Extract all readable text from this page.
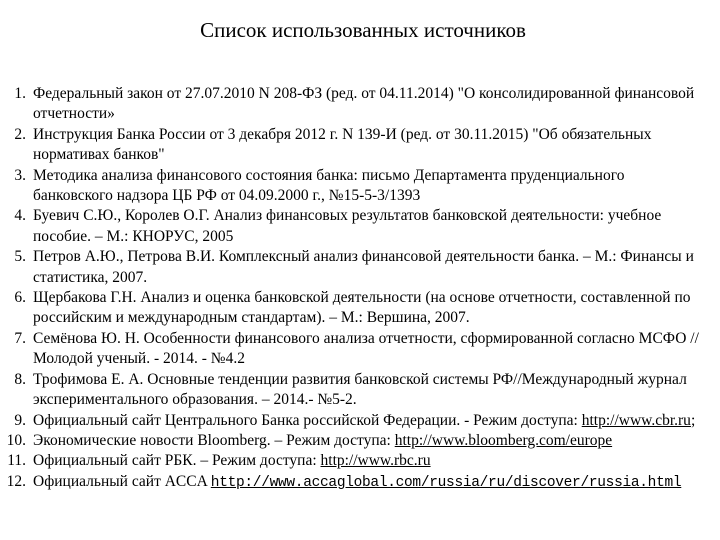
Список использованных источников
1. Федеральный закон от 27.07.2010 N 208-ФЗ (ред. от 04.11.2014) "О консолидированной финансовой отчетности»
2. Инструкция Банка России от 3 декабря 2012 г. N 139-И (ред. от 30.11.2015) "Об обязательных нормативах банков"
3. Методика анализа финансового состояния банка: письмо Департамента пруденциального банковского надзора ЦБ РФ от 04.09.2000 г., №15-5-3/1393
4. Буевич С.Ю., Королев О.Г. Анализ финансовых результатов банковской деятельности: учебное пособие. – М.: КНОРУС, 2005
5. Петров А.Ю., Петрова В.И. Комплексный анализ финансовой деятельности банка. – М.: Финансы и статистика, 2007.
6. Щербакова Г.Н. Анализ и оценка банковской деятельности (на основе отчетности, составленной по российским и международным стандартам). – М.: Вершина, 2007.
7. Семёнова Ю. Н. Особенности финансового анализа отчетности, сформированной согласно МСФО // Молодой ученый. - 2014. - №4.2
8. Трофимова Е. А. Основные тенденции развития банковской системы РФ//Международный журнал экспериментального образования. – 2014.- №5-2.
9. Официальный сайт Центрального Банка российской Федерации. - Режим доступа: http://www.cbr.ru;
10. Экономические новости Bloomberg. – Режим доступа: http://www.bloomberg.com/europe
11. Официальный сайт РБК. – Режим доступа: http://www.rbc.ru
12. Официальный сайт ACCA http://www.accaglobal.com/russia/ru/discover/russia.html
